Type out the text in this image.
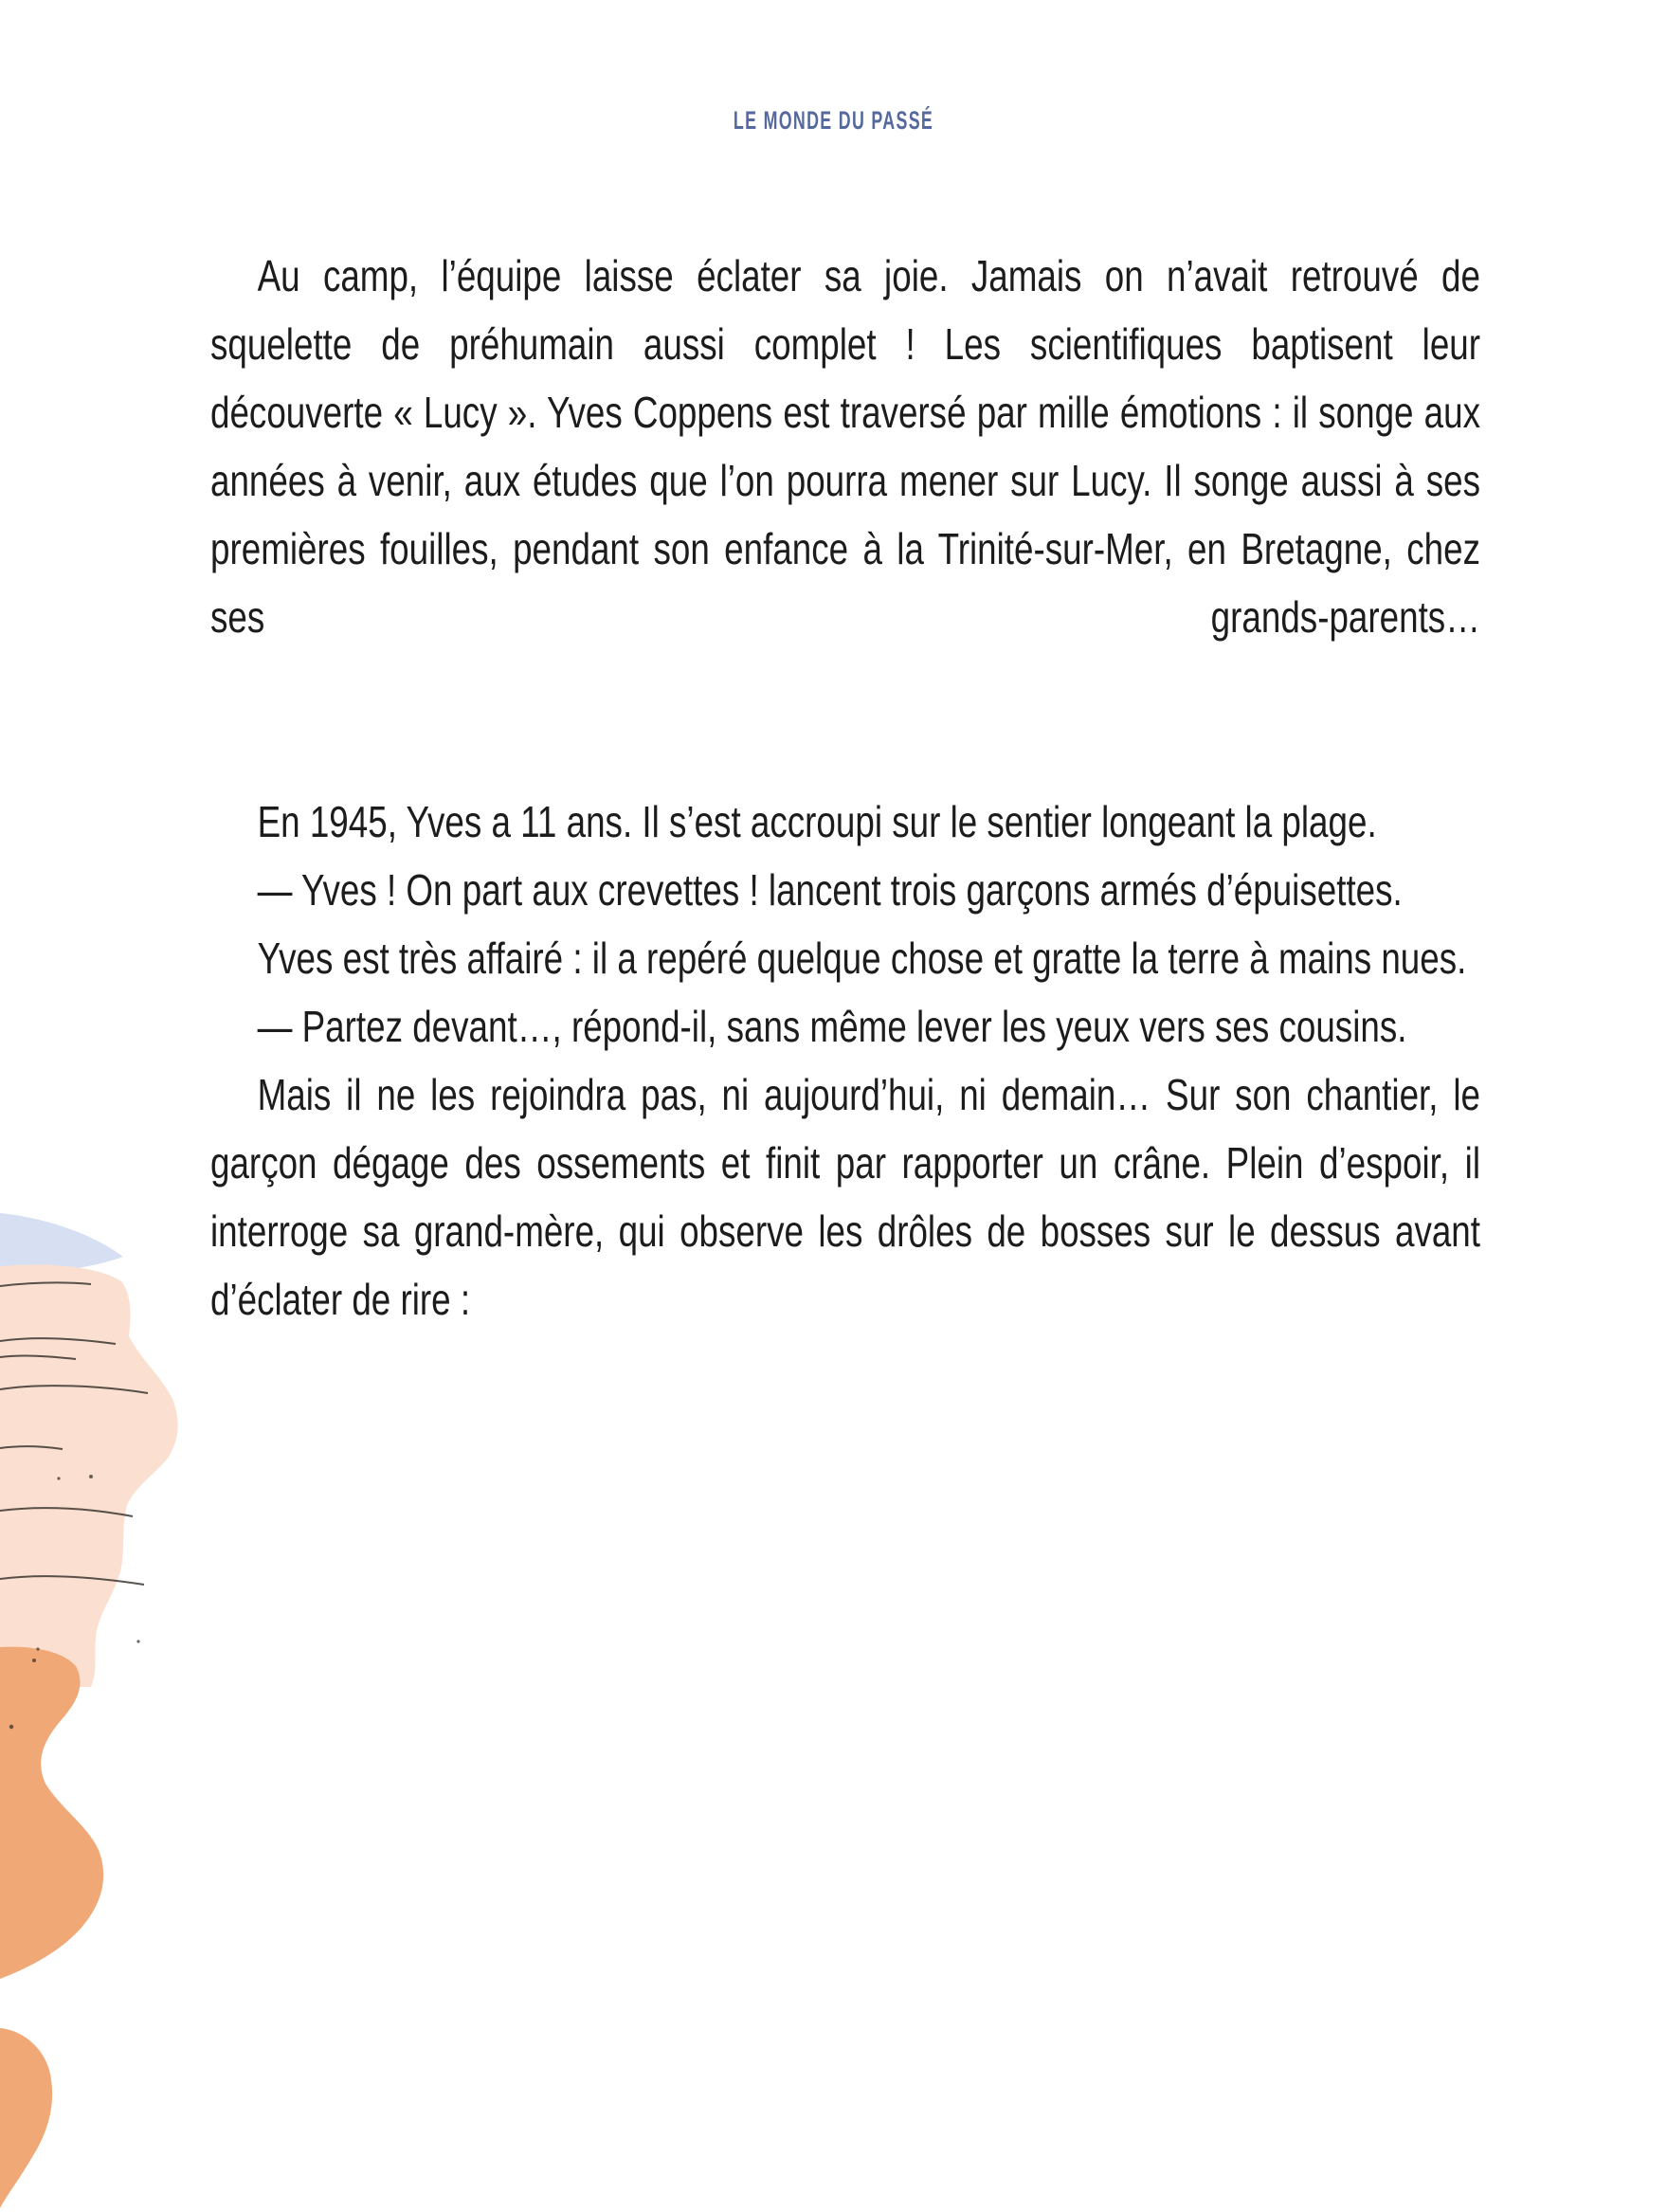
LE MONDE DU PASSÉ

Au camp, l’équipe laisse éclater sa joie. Jamais on n’avait retrouvé de squelette de préhumain aussi complet ! Les scientifiques baptisent leur découverte « Lucy ». Yves Coppens est traversé par mille émotions : il songe aux années à venir, aux études que l’on pourra mener sur Lucy. Il songe aussi à ses premières fouilles, pendant son enfance à la Trinité-sur-Mer, en Bretagne, chez ses grands-parents…

En 1945, Yves a 11 ans. Il s’est accroupi sur le sentier longeant la plage.

— Yves ! On part aux crevettes ! lancent trois garçons armés d’épuisettes.

Yves est très affairé : il a repéré quelque chose et gratte la terre à mains nues.

— Partez devant…, répond-il, sans même lever les yeux vers ses cousins.

Mais il ne les rejoindra pas, ni aujourd’hui, ni demain… Sur son chantier, le garçon dégage des ossements et finit par rapporter un crâne. Plein d’espoir, il interroge sa grand-mère, qui observe les drôles de bosses sur le dessus avant d’éclater de rire :
